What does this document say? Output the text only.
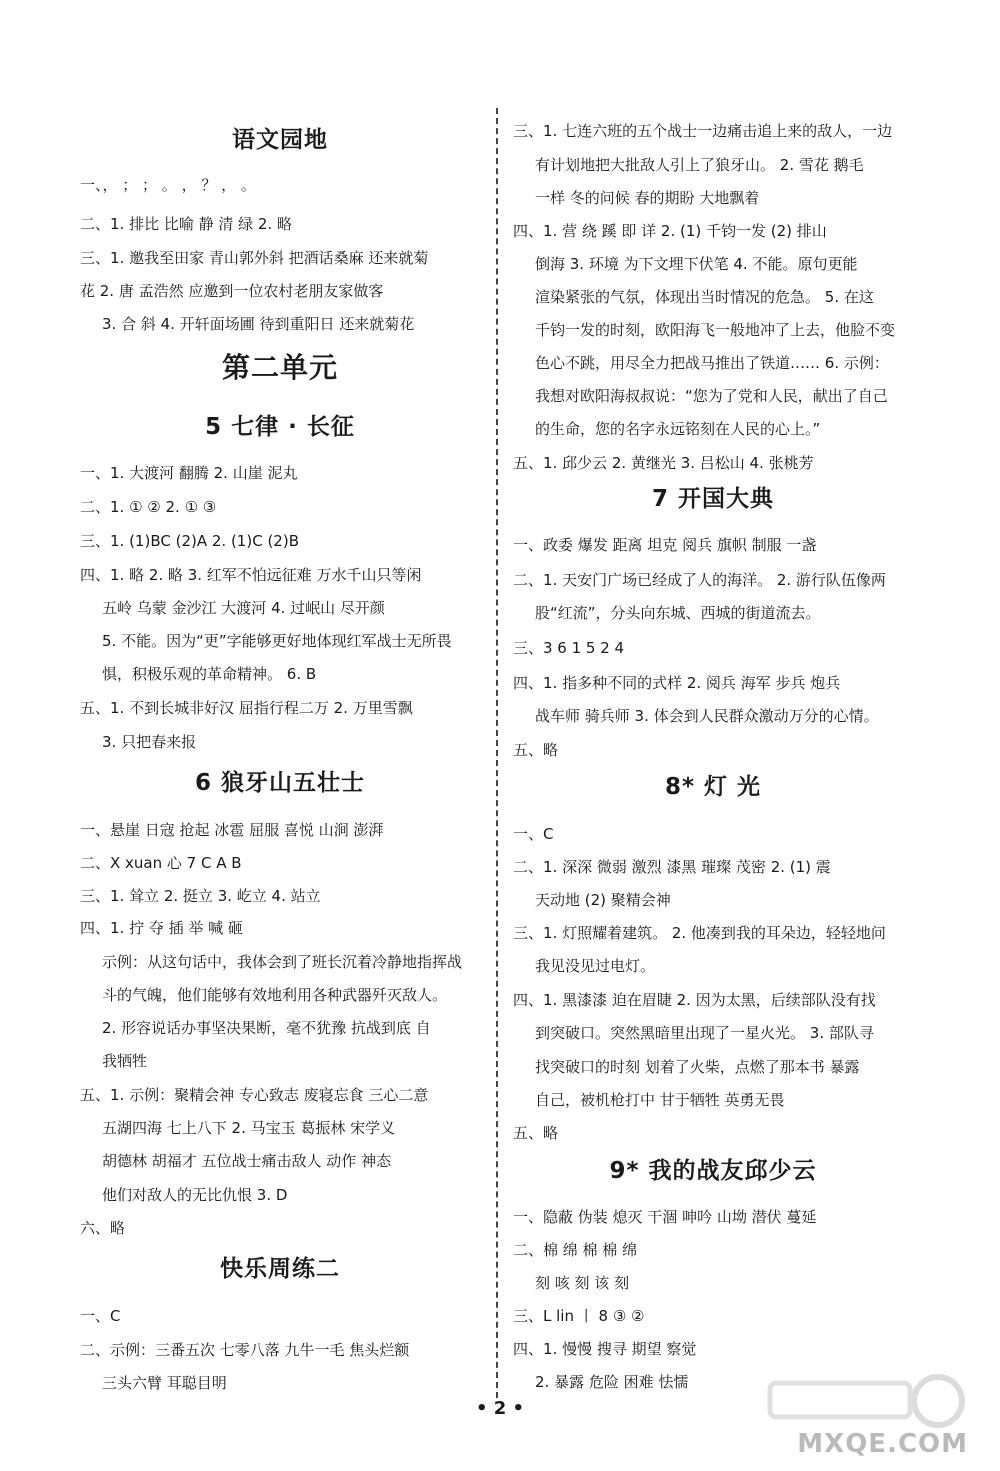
语文园地
一、， ； ； 。 ， ？ ， 。
二、1. 排比 比喻 静 清 绿 2. 略
三、1. 邀我至田家 青山郭外斜 把酒话桑麻 还来就菊
花 2. 唐 孟浩然 应邀到一位农村老朋友家做客
3. 合 斜 4. 开轩面场圃 待到重阳日 还来就菊花
第二单元
5 七律 · 长征
一、1. 大渡河 翻腾 2. 山崖 泥丸
二、1. ① ② 2. ① ③
三、1. (1)BC (2)A 2. (1)C (2)B
四、1. 略 2. 略 3. 红军不怕远征难 万水千山只等闲
五岭 乌蒙 金沙江 大渡河 4. 过岷山 尽开颜
5. 不能。因为“更”字能够更好地体现红军战士无所畏
惧，积极乐观的革命精神。 6. B
五、1. 不到长城非好汉 屈指行程二万 2. 万里雪飘
3. 只把春来报
6 狼牙山五壮士
一、悬崖 日寇 抢起 冰雹 屈服 喜悦 山涧 澎湃
二、X xuan 心 7 C A B
三、1. 耸立 2. 挺立 3. 屹立 4. 站立
四、1. 拧 夺 插 举 喊 砸
示例：从这句话中，我体会到了班长沉着冷静地指挥战
斗的气魄，他们能够有效地利用各种武器歼灭敌人。
2. 形容说话办事坚决果断，毫不犹豫 抗战到底 自
我牺牲
五、1. 示例：聚精会神 专心致志 废寝忘食 三心二意
五湖四海 七上八下 2. 马宝玉 葛振林 宋学义
胡德林 胡福才 五位战士痛击敌人 动作 神态
他们对敌人的无比仇恨 3. D
六、略
快乐周练二
一、C
二、示例：三番五次 七零八落 九牛一毛 焦头烂额
三头六臂 耳聪目明
三、1. 七连六班的五个战士一边痛击追上来的敌人，一边
有计划地把大批敌人引上了狼牙山。 2. 雪花 鹅毛
一样 冬的问候 春的期盼 大地飘着
四、1. 营 绕 蹊 即 详 2. (1) 千钧一发 (2) 排山
倒海 3. 环境 为下文埋下伏笔 4. 不能。原句更能
渲染紧张的气氛，体现出当时情况的危急。 5. 在这
千钧一发的时刻，欧阳海飞一般地冲了上去，他脸不变
色心不跳，用尽全力把战马推出了铁道…… 6. 示例：
我想对欧阳海叔叔说：“您为了党和人民，献出了自己
的生命，您的名字永远铭刻在人民的心上。”
五、1. 邱少云 2. 黄继光 3. 吕松山 4. 张桃芳
7 开国大典
一、政委 爆发 距离 坦克 阅兵 旗帜 制服 一盏
二、1. 天安门广场已经成了人的海洋。 2. 游行队伍像两
股“红流”，分头向东城、西城的街道流去。
三、3 6 1 5 2 4
四、1. 指多种不同的式样 2. 阅兵 海军 步兵 炮兵
战车师 骑兵师 3. 体会到人民群众激动万分的心情。
五、略
8* 灯 光
一、C
二、1. 深深 微弱 激烈 漆黑 璀璨 茂密 2. (1) 震
天动地 (2) 聚精会神
三、1. 灯照耀着建筑。 2. 他凑到我的耳朵边，轻轻地问
我见没见过电灯。
四、1. 黑漆漆 迫在眉睫 2. 因为太黑，后续部队没有找
到突破口。突然黑暗里出现了一星火光。 3. 部队寻
找突破口的时刻 划着了火柴，点燃了那本书 暴露
自己，被机枪打中 甘于牺牲 英勇无畏
五、略
9* 我的战友邱少云
一、隐蔽 伪装 熄灭 干涸 呻吟 山坳 潜伏 蔓延
二、棉 绵 棉 棉 绵
刻 咳 刻 该 刻
三、L lin 丨 8 ③ ②
四、1. 慢慢 搜寻 期望 察觉
2. 暴露 危险 困难 怯懦
• 2 •
MXQE.COM
